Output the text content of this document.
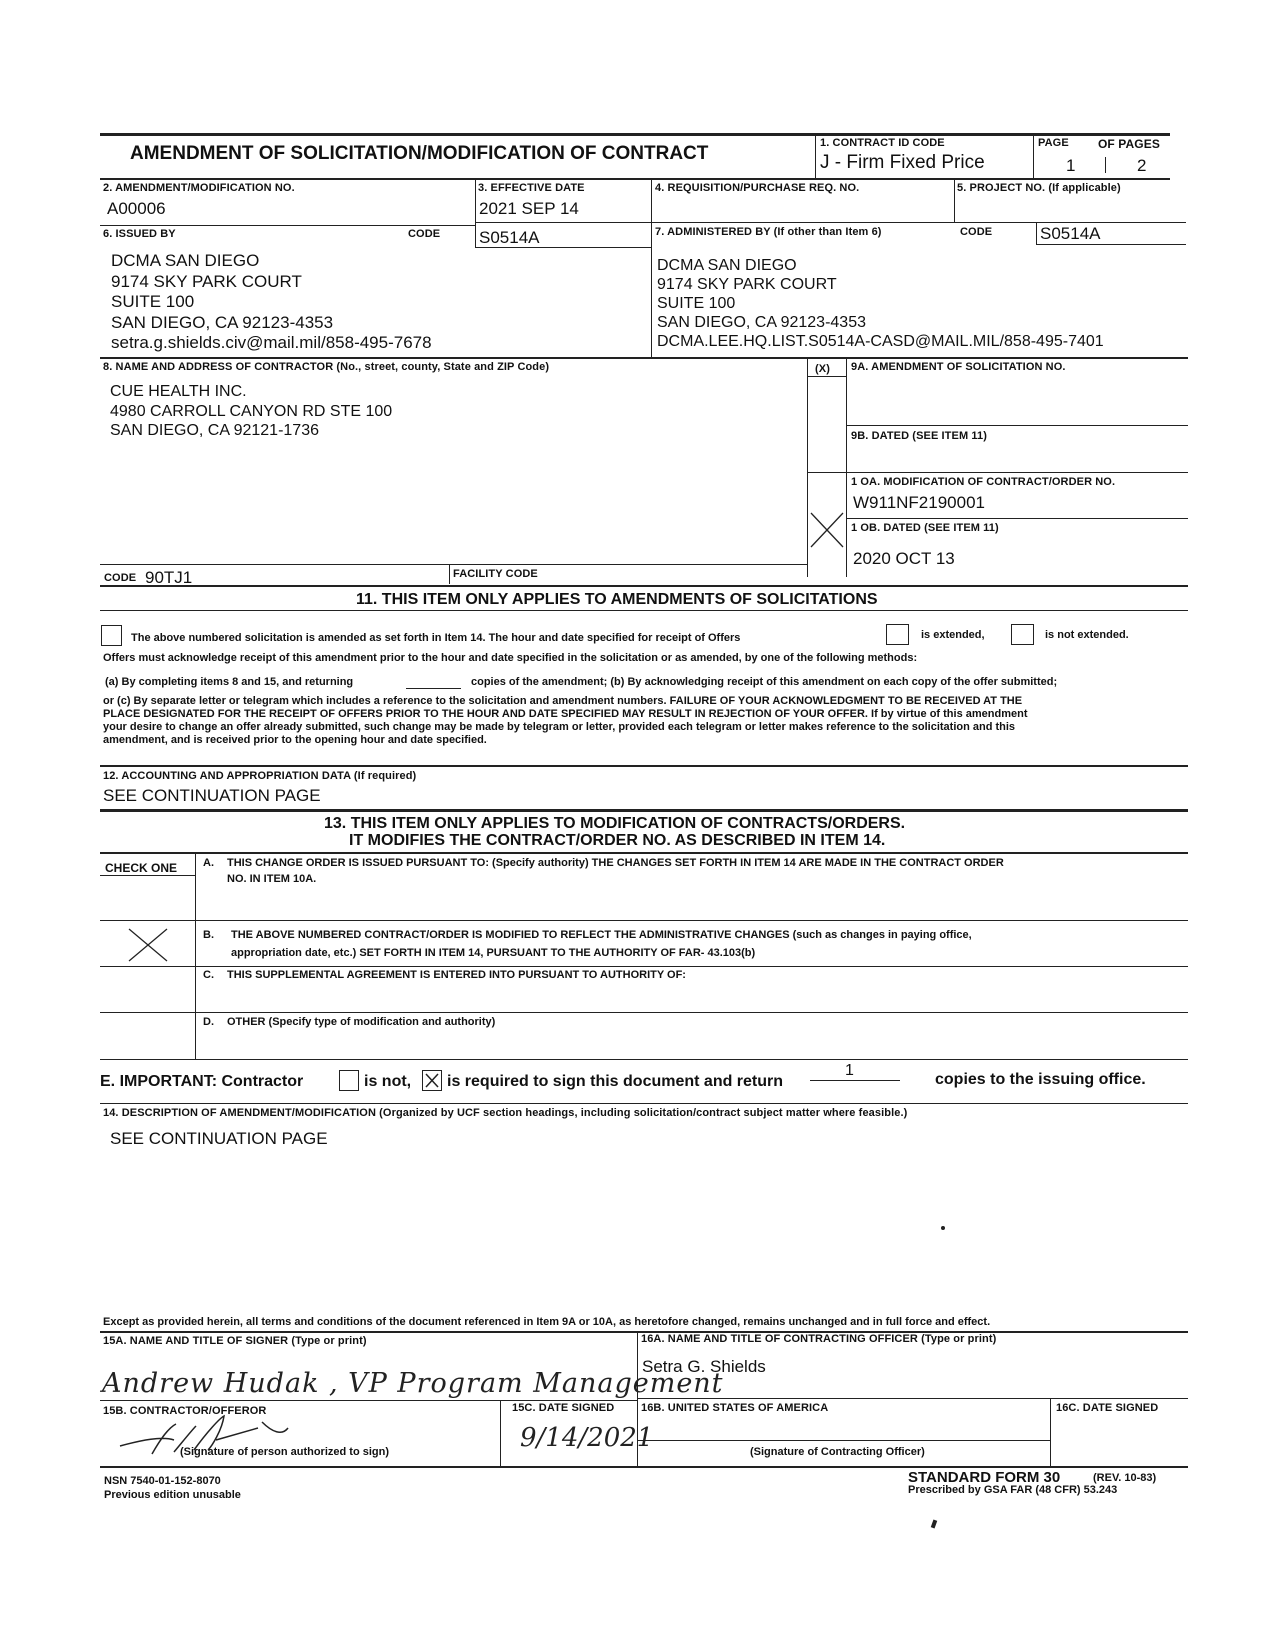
AMENDMENT OF SOLICITATION/MODIFICATION OF CONTRACT	1. CONTRACT ID CODE
J - Firm Fixed Price
PAGE OF PAGES
1	2
2. AMENDMENT/MODIFICATION NO.
A00006
3. EFFECTIVE DATE
2021 SEP 14
4. REQUISITION/PURCHASE REQ. NO.	5. PROJECT NO. (If applicable)
6. ISSUED BY	CODE S0514A
DCMA SAN DIEGO
9174 SKY PARK COURT
SUITE 100
SAN DIEGO, CA 92123-4353
setra.g.shields.civ@mail.mil/858-495-7678
7. ADMINISTERED BY (If other than Item 6)	CODE	S0514A
DCMA SAN DIEGO
9174 SKY PARK COURT
SUITE 100
SAN DIEGO, CA 92123-4353
DCMA.LEE.HQ.LIST.S0514A-CASD@MAIL.MIL/858-495-7401
8. NAME AND ADDRESS OF CONTRACTOR (No., street, county, State and ZIP Code)
CUE HEALTH INC.
4980 CARROLL CANYON RD STE 100
SAN DIEGO, CA 92121-1736
(X) 9A. AMENDMENT OF SOLICITATION NO.
9B. DATED (SEE ITEM 11)
1 OA. MODIFICATION OF CONTRACT/ORDER NO.
W911NF2190001
1 OB. DATED (SEE ITEM 11)
2020 OCT 13
CODE 90TJ1	FACILITY CODE
11. THIS ITEM ONLY APPLIES TO AMENDMENTS OF SOLICITATIONS
The above numbered solicitation is amended as set forth in Item 14. The hour and date specified for receipt of Offers	is extended,	is not extended.
Offers must acknowledge receipt of this amendment prior to the hour and date specified in the solicitation or as amended, by one of the following methods:
(a) By completing items 8 and 15, and returning	copies of the amendment; (b) By acknowledging receipt of this amendment on each copy of the offer submitted;
or (c) By separate letter or telegram which includes a reference to the solicitation and amendment numbers. FAILURE OF YOUR ACKNOWLEDGMENT TO BE RECEIVED AT THE
PLACE DESIGNATED FOR THE RECEIPT OF OFFERS PRIOR TO THE HOUR AND DATE SPECIFIED MAY RESULT IN REJECTION OF YOUR OFFER. If by virtue of this amendment
your desire to change an offer already submitted, such change may be made by telegram or letter, provided each telegram or letter makes reference to the solicitation and this
amendment, and is received prior to the opening hour and date specified.
12. ACCOUNTING AND APPROPRIATION DATA (If required)
SEE CONTINUATION PAGE
13. THIS ITEM ONLY APPLIES TO MODIFICATION OF CONTRACTS/ORDERS.
IT MODIFIES THE CONTRACT/ORDER NO. AS DESCRIBED IN ITEM 14.
CHECK ONE A. THIS CHANGE ORDER IS ISSUED PURSUANT TO: (Specify authority) THE CHANGES SET FORTH IN ITEM 14 ARE MADE IN THE CONTRACT ORDER
NO. IN ITEM 10A.
B. THE ABOVE NUMBERED CONTRACT/ORDER IS MODIFIED TO REFLECT THE ADMINISTRATIVE CHANGES (such as changes in paying office,
appropriation date, etc.) SET FORTH IN ITEM 14, PURSUANT TO THE AUTHORITY OF FAR- 43.103(b)
C. THIS SUPPLEMENTAL AGREEMENT IS ENTERED INTO PURSUANT TO AUTHORITY OF:
D. OTHER (Specify type of modification and authority)
E. IMPORTANT: Contractor	is not, is required to sign this document and return
1
copies to the issuing office.
14. DESCRIPTION OF AMENDMENT/MODIFICATION (Organized by UCF section headings, including solicitation/contract subject matter where feasible.)
SEE CONTINUATION PAGE
Except as provided herein, all terms and conditions of the document referenced in Item 9A or 10A, as heretofore changed, remains unchanged and in full force and effect.
15A. NAME AND TITLE OF SIGNER (Type or print)	16A. NAME AND TITLE OF CONTRACTING OFFICER (Type or print)
Setra G. Shields
Andrew Hudak , VP Program Management
15B. CONTRACTOR/OFFEROR	15C. DATE SIGNED
9/14/2021
(Signature of person authorized to sign)
16B. UNITED STATES OF AMERICA	16C. DATE SIGNED
(Signature of Contracting Officer)
NSN 7540-01-152-8070
Previous edition unusable
STANDARD FORM 30	(REV. 10-83)
Prescribed by GSA FAR (48 CFR) 53.243
